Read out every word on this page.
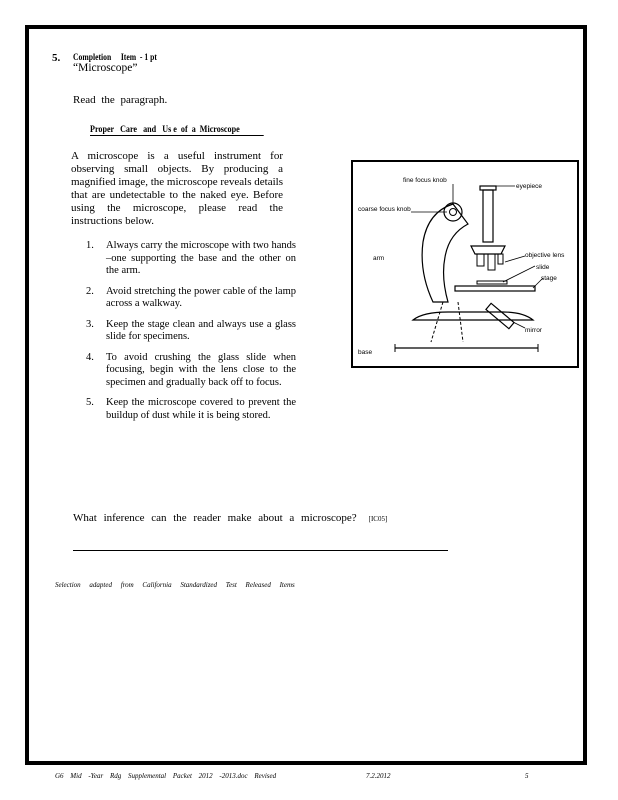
5. Completion     Item  - 1 pt
“Microscope”
Read the paragraph.
Proper   Care   and   Us e  of  a  Microscope
A microscope is a useful instrument for observing small objects. By producing a magnified image, the microscope reveals details that are undetectable to the naked eye. Before using the microscope, please read the instructions below.
1. Always carry the microscope with two hands –one supporting the base and the other on the arm.
2. Avoid stretching the power cable of the lamp across a walkway.
3. Keep the stage clean and always use a glass slide for specimens.
4. To avoid crushing the glass slide when focusing, begin with the lens close to the specimen and gradually back off to focus.
5. Keep the microscope covered to prevent the buildup of dust while it is being stored.
fine focus knob
eyepiece
coarse focus knob
arm	objective lens
slide
stage
mirror
base
What inference can the reader make about a microscope? [IC05]
Selection adapted from California Standardized Test Released Items
G6 Mid -Year Rdg Supplemental Packet 2012 -2013.doc Revised	7.2.2012	5
